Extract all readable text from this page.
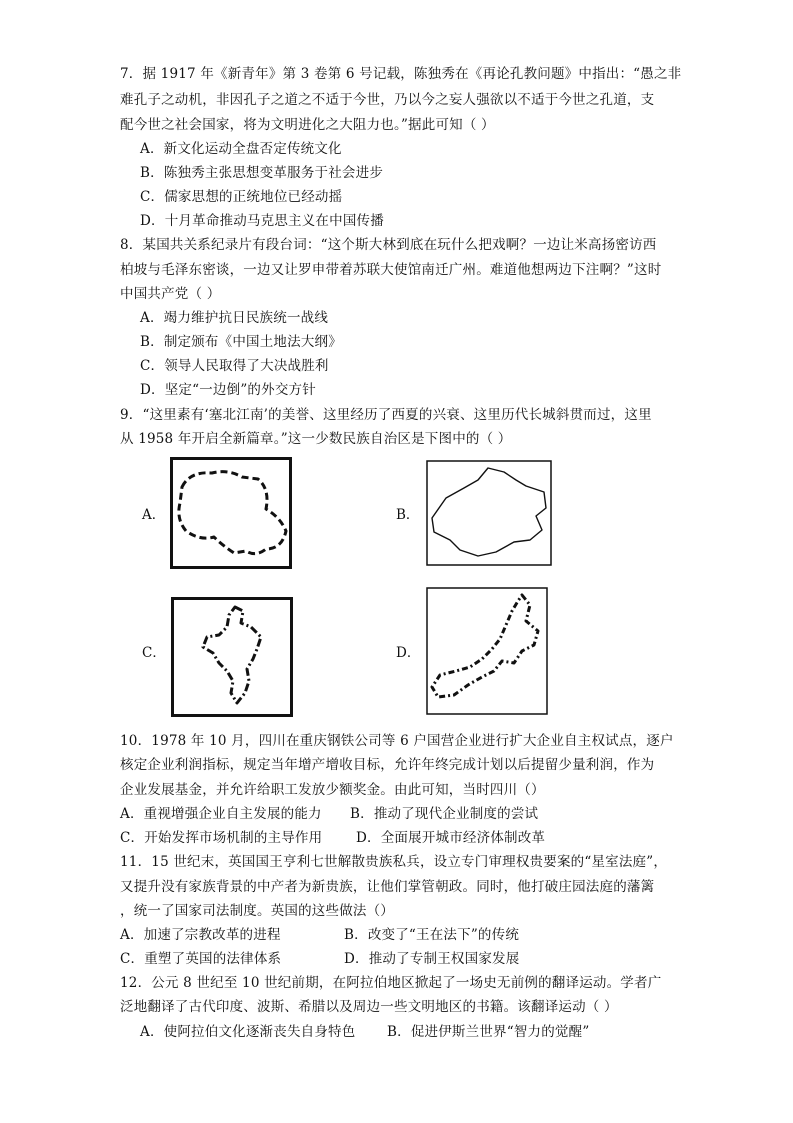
7．据 1917 年《新青年》第 3 卷第 6 号记载，陈独秀在《再论孔教问题》中指出：“愚之非
难孔子之动机，非因孔子之道之不适于今世，乃以今之妄人强欲以不适于今世之孔道，支
配今世之社会国家，将为文明进化之大阻力也。”据此可知（ ）
A．新文化运动全盘否定传统文化
B．陈独秀主张思想变革服务于社会进步
C．儒家思想的正统地位已经动摇
D．十月革命推动马克思主义在中国传播
8．某国共关系纪录片有段台词：“这个斯大林到底在玩什么把戏啊？一边让米高扬密访西
柏坡与毛泽东密谈，一边又让罗申带着苏联大使馆南迁广州。难道他想两边下注啊？”这时
中国共产党（ ）
A．竭力维护抗日民族统一战线
B．制定颁布《中国土地法大纲》
C．领导人民取得了大决战胜利
D．坚定“一边倒”的外交方针
9．“这里素有‘塞北江南’的美誉、这里经历了西夏的兴衰、这里历代长城斜贯而过，这里
从 1958 年开启全新篇章。”这一少数民族自治区是下图中的（ ）
A．	B．
C．	D．
10．1978 年 10 月，四川在重庆钢铁公司等 6 户国营企业进行扩大企业自主权试点，逐户
核定企业利润指标，规定当年增产增收目标，允许年终完成计划以后提留少量利润，作为
企业发展基金，并允许给职工发放少额奖金。由此可知，当时四川（）
A．重视增强企业自主发展的能力 B．推动了现代企业制度的尝试
C．开始发挥市场机制的主导作用 D．全面展开城市经济体制改革
11．15 世纪末，英国国王亨利七世解散贵族私兵，设立专门审理权贵要案的“星室法庭”，
又提升没有家族背景的中产者为新贵族，让他们掌管朝政。同时，他打破庄园法庭的藩篱
，统一了国家司法制度。英国的这些做法（）
A．加速了宗教改革的进程	B．改变了“王在法下”的传统
C．重塑了英国的法律体系	D．推动了专制王权国家发展
12．公元 8 世纪至 10 世纪前期，在阿拉伯地区掀起了一场史无前例的翻译运动。学者广
泛地翻译了古代印度、波斯、希腊以及周边一些文明地区的书籍。该翻译运动（ ）
A．使阿拉伯文化逐渐丧失自身特色 B．促进伊斯兰世界“智力的觉醒”
